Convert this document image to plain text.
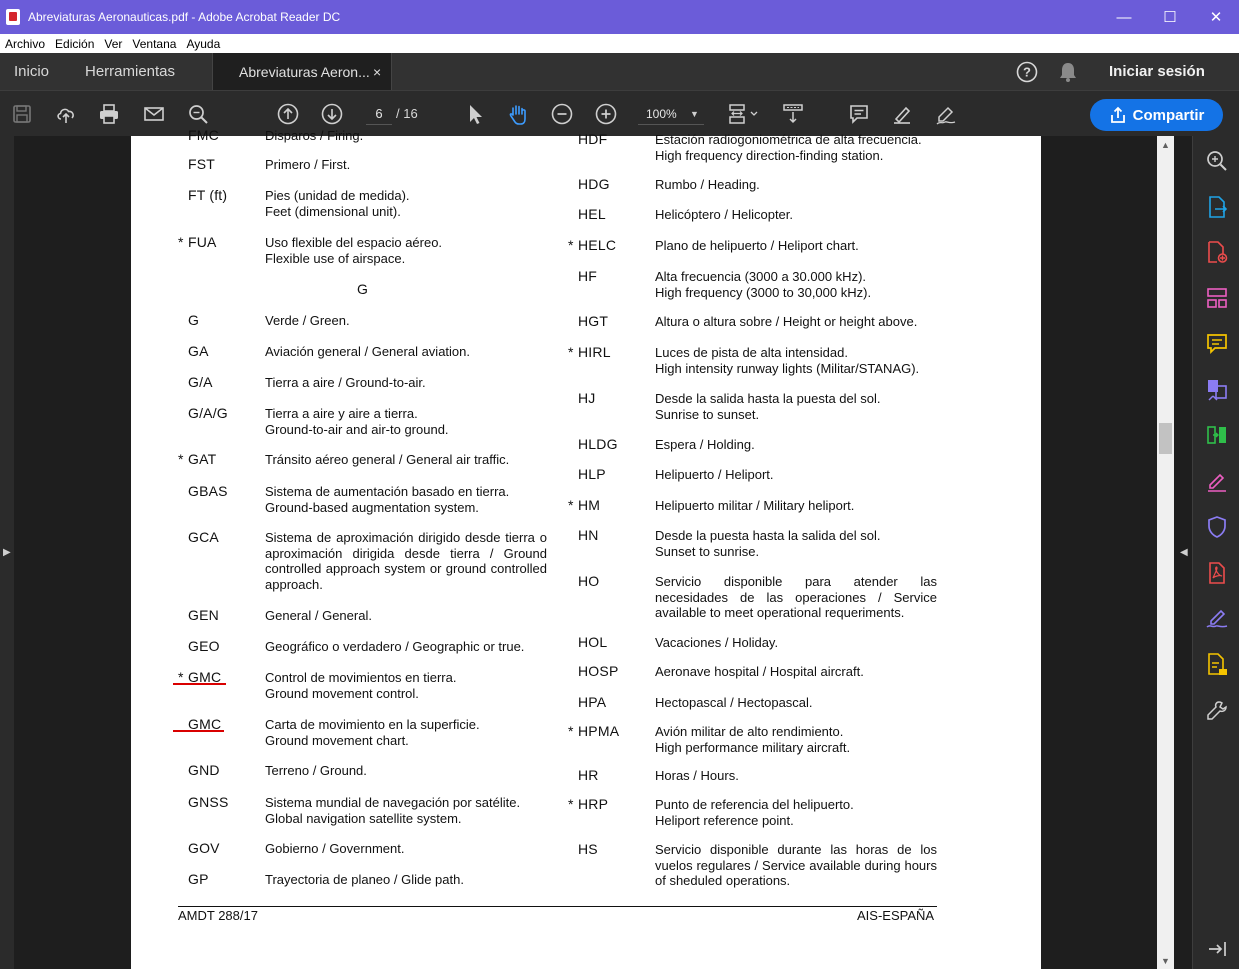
Abreviaturas Aeronauticas.pdf - Adobe Acrobat Reader DC	—	☐	✕
Archivo Edición Ver Ventana Ayuda
Inicio Herramientas	Abreviaturas Aeron... ×	?	Iniciar sesión
6	/ 16	100% ▼	Compartir
▶
FMC	Disparos / Firing.
G
AMDT 288/17	AIS-ESPAÑA
FST	Primero / First.
FT (ft)	Pies (unidad de medida).
Feet (dimensional unit).
* FUA	Uso flexible del espacio aéreo.
Flexible use of airspace.
G	Verde / Green.
GA	Aviación general / General aviation.
G/A	Tierra a aire / Ground-to-air.
G/A/G	Tierra a aire y aire a tierra.
Ground-to-air and air-to ground.
* GAT	Tránsito aéreo general / General air traffic.
GBAS	Sistema de aumentación basado en tierra.
Ground-based augmentation system.
GCA	Sistema de aproximación dirigido desde tierra o aproximación dirigida desde tierra / Ground controlled approach system or ground controlled approach.
GEN	General / General.
GEO	Geográfico o verdadero / Geographic or true.
* GMC	Control de movimientos en tierra.
Ground movement control.
GMC	Carta de movimiento en la superficie.
Ground movement chart.
GND	Terreno / Ground.
GNSS	Sistema mundial de navegación por satélite.
Global navigation satellite system.
GOV	Gobierno / Government.
GP	Trayectoria de planeo / Glide path.
HDF	Estación radiogoniométrica de alta frecuencia.
High frequency direction-finding station.
HDG	Rumbo / Heading.
HEL	Helicóptero / Helicopter.
* HELC	Plano de helipuerto / Heliport chart.
HF	Alta frecuencia (3000 a 30.000 kHz).
High frequency (3000 to 30,000 kHz).
HGT	Altura o altura sobre / Height or height above.
* HIRL	Luces de pista de alta intensidad.
High intensity runway lights (Militar/STANAG).
HJ	Desde la salida hasta la puesta del sol.
Sunrise to sunset.
HLDG	Espera / Holding.
HLP	Helipuerto / Heliport.
* HM	Helipuerto militar / Military heliport.
HN	Desde la puesta hasta la salida del sol.
Sunset to sunrise.
HO	Servicio disponible para atender las necesidades de las operaciones / Service available to meet operational requeriments.
HOL	Vacaciones / Holiday.
HOSP	Aeronave hospital / Hospital aircraft.
HPA	Hectopascal / Hectopascal.
* HPMA	Avión militar de alto rendimiento.
High performance military aircraft.
HR	Horas / Hours.
* HRP	Punto de referencia del helipuerto.
Heliport reference point.
HS	Servicio disponible durante las horas de los vuelos regulares / Service available during hours of sheduled operations.
▲
▼
◀
